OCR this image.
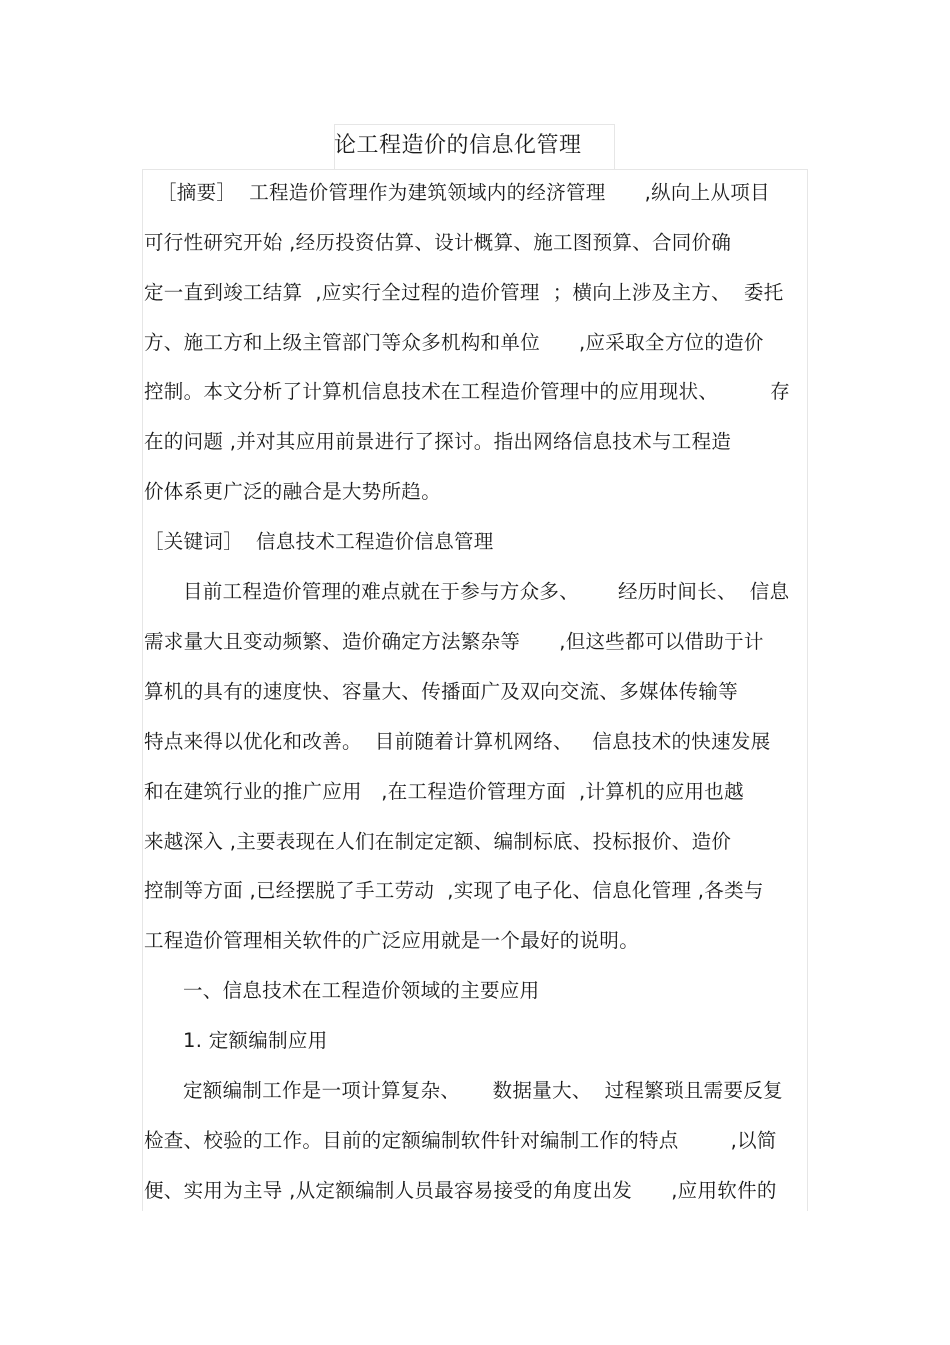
论工程造价的信息化管理
［摘要］  工程造价管理作为建筑领域内的经济管理      ,纵向上从项目
可行性研究开始 ,经历投资估算、设计概算、施工图预算、合同价确
定一直到竣工结算  ,应实行全过程的造价管理  ；横向上涉及主方、  委托
方、施工方和上级主管部门等众多机构和单位      ,应采取全方位的造价
控制。本文分析了计算机信息技术在工程造价管理中的应用现状、        存
在的问题 ,并对其应用前景进行了探讨。指出网络信息技术与工程造
价体系更广泛的融合是大势所趋。
［关键词］  信息技术工程造价信息管理
目前工程造价管理的难点就在于参与方众多、      经历时间长、  信息
需求量大且变动频繁、造价确定方法繁杂等      ,但这些都可以借助于计
算机的具有的速度快、容量大、传播面广及双向交流、多媒体传输等
特点来得以优化和改善。  目前随着计算机网络、   信息技术的快速发展
和在建筑行业的推广应用   ,在工程造价管理方面  ,计算机的应用也越
来越深入 ,主要表现在人们在制定定额、编制标底、投标报价、造价
控制等方面 ,已经摆脱了手工劳动  ,实现了电子化、信息化管理 ,各类与
工程造价管理相关软件的广泛应用就是一个最好的说明。
一、信息技术在工程造价领域的主要应用
1. 定额编制应用
定额编制工作是一项计算复杂、     数据量大、  过程繁琐且需要反复
检查、校验的工作。目前的定额编制软件针对编制工作的特点        ,以简
便、实用为主导 ,从定额编制人员最容易接受的角度出发      ,应用软件的
